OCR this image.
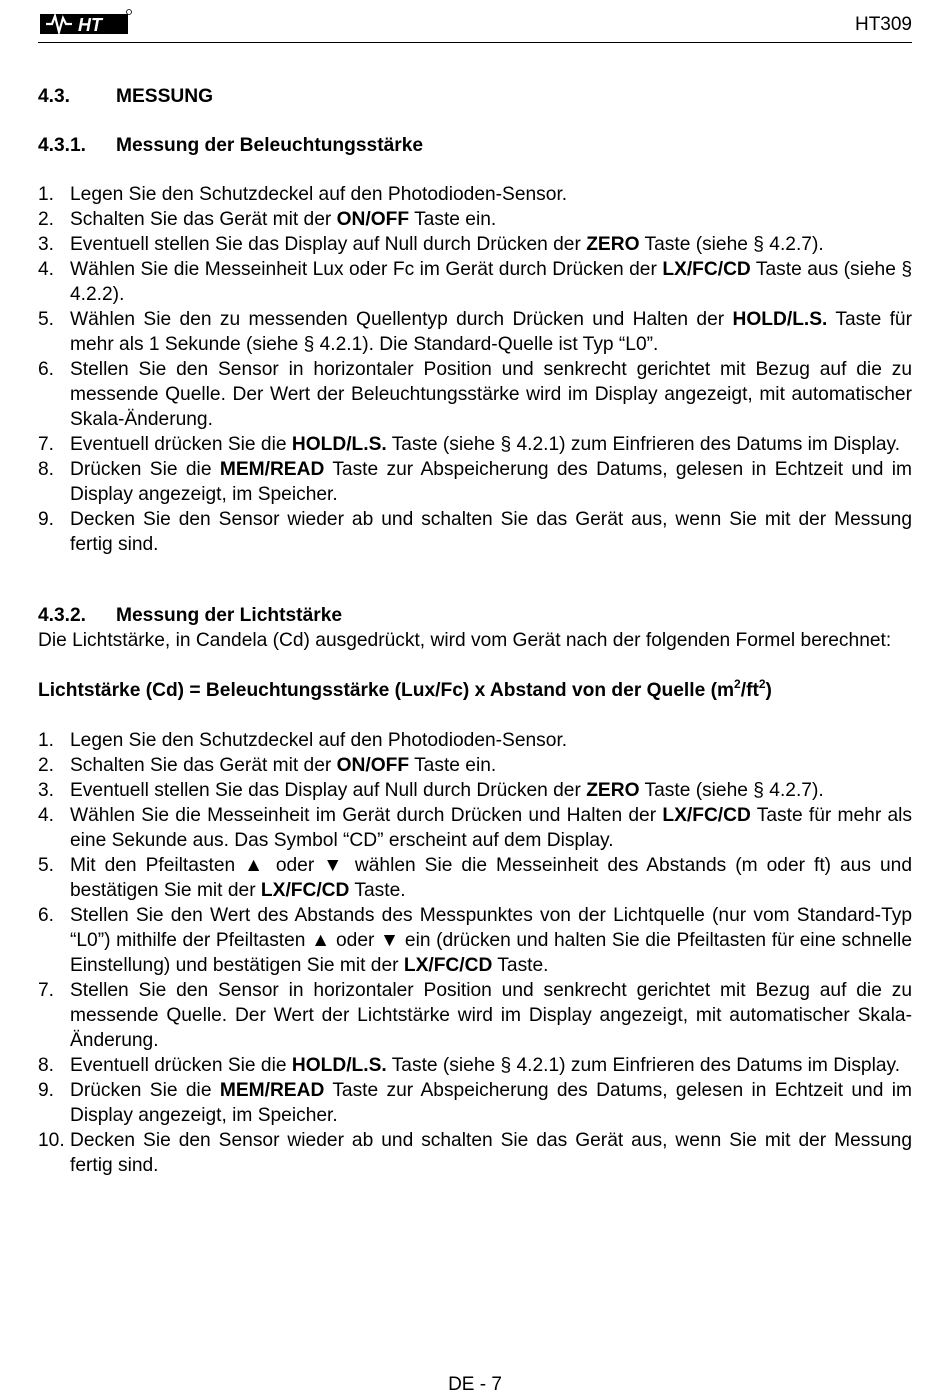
HT	HT309
4.3.	MESSUNG
4.3.1.	Messung der Beleuchtungsstärke
1. Legen Sie den Schutzdeckel auf den Photodioden-Sensor.
2. Schalten Sie das Gerät mit der ON/OFF Taste ein.
3. Eventuell stellen Sie das Display auf Null durch Drücken der ZERO Taste (siehe § 4.2.7).
4. Wählen Sie die Messeinheit Lux oder Fc im Gerät durch Drücken der LX/FC/CD Taste aus (siehe § 4.2.2).
5. Wählen Sie den zu messenden Quellentyp durch Drücken und Halten der HOLD/L.S. Taste für mehr als 1 Sekunde (siehe § 4.2.1). Die Standard-Quelle ist Typ “L0”.
6. Stellen Sie den Sensor in horizontaler Position und senkrecht gerichtet mit Bezug auf die zu messende Quelle. Der Wert der Beleuchtungsstärke wird im Display angezeigt, mit automatischer Skala-Änderung.
7. Eventuell drücken Sie die HOLD/L.S. Taste (siehe § 4.2.1) zum Einfrieren des Datums im Display.
8. Drücken Sie die MEM/READ Taste zur Abspeicherung des Datums, gelesen in Echtzeit und im Display angezeigt, im Speicher.
9. Decken Sie den Sensor wieder ab und schalten Sie das Gerät aus, wenn Sie mit der Messung fertig sind.
4.3.2.	Messung der Lichtstärke

Die Lichtstärke, in Candela (Cd) ausgedrückt, wird vom Gerät nach der folgenden Formel berechnet:

Lichtstärke (Cd) = Beleuchtungsstärke (Lux/Fc) x Abstand von der Quelle $(m^2/ft^2)$

1. Legen Sie den Schutzdeckel auf den Photodioden-Sensor.
2. Schalten Sie das Gerät mit der ON/OFF Taste ein.
3. Eventuell stellen Sie das Display auf Null durch Drücken der ZERO Taste (siehe § 4.2.7).
4. Wählen Sie die Messeinheit im Gerät durch Drücken und Halten der LX/FC/CD Taste für mehr als eine Sekunde aus. Das Symbol “CD” erscheint auf dem Display.
5. Mit den Pfeiltasten ▲ oder ▼ wählen Sie die Messeinheit des Abstands (m oder ft) aus und bestätigen Sie mit der LX/FC/CD Taste.
6. Stellen Sie den Wert des Abstands des Messpunktes von der Lichtquelle (nur vom Standard-Typ “L0”) mithilfe der Pfeiltasten ▲ oder ▼ ein (drücken und halten Sie die Pfeiltasten für eine schnelle Einstellung) und bestätigen Sie mit der LX/FC/CD Taste.
7. Stellen Sie den Sensor in horizontaler Position und senkrecht gerichtet mit Bezug auf die zu messende Quelle. Der Wert der Lichtstärke wird im Display angezeigt, mit automatischer Skala-Änderung.
8. Eventuell drücken Sie die HOLD/L.S. Taste (siehe § 4.2.1) zum Einfrieren des Datums im Display.
9. Drücken Sie die MEM/READ Taste zur Abspeicherung des Datums, gelesen in Echtzeit und im Display angezeigt, im Speicher.
10. Decken Sie den Sensor wieder ab und schalten Sie das Gerät aus, wenn Sie mit der Messung fertig sind.
DE - 7
